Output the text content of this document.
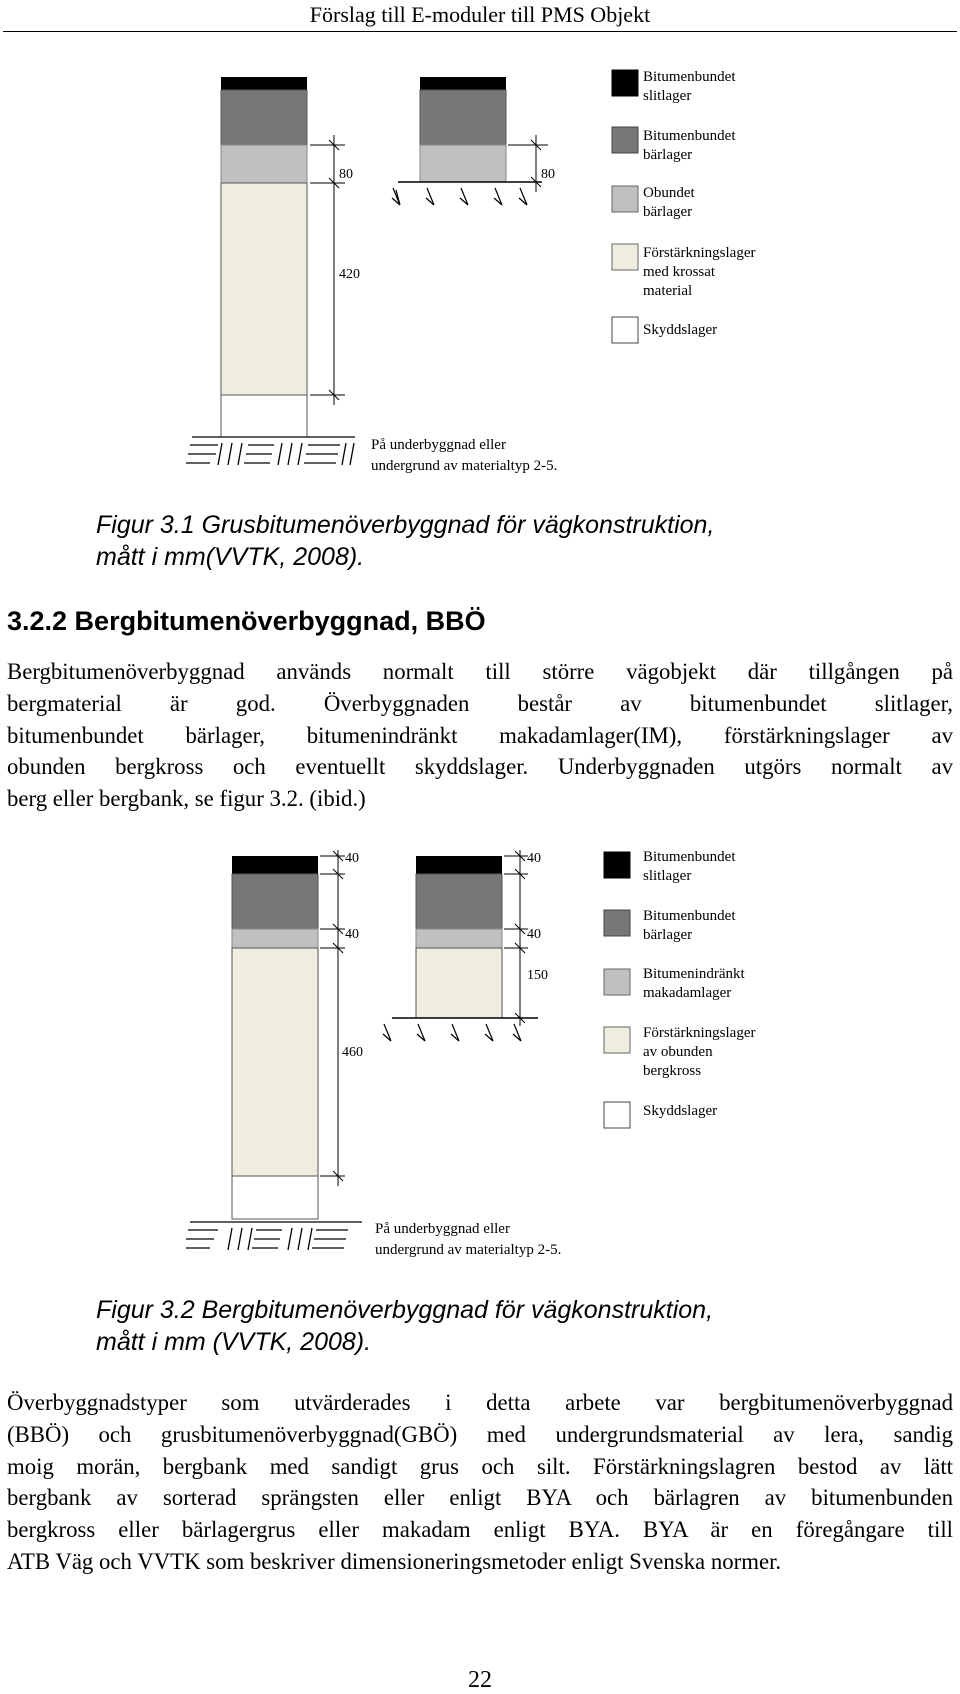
Förslag till E-moduler till PMS Objekt
80
420
80
På underbyggnad eller
undergrund av materialtyp 2-5.
Bitumenbundet
slitlager
Bitumenbundet
bärlager
Obundet
bärlager
Förstärkningslager
med krossat
material
Skyddslager
Figur 3.1 Grusbitumenöverbyggnad för vägkonstruktion,
mått i mm(VVTK, 2008).
3.2.2 Bergbitumenöverbyggnad, BBÖ
Bergbitumenöverbyggnad används normalt till större vägobjekt där tillgången på
bergmaterial är god. Överbyggnaden består av bitumenbundet slitlager,
bitumenbundet bärlager, bitumenindränkt makadamlager(IM), förstärkningslager av
obunden bergkross och eventuellt skyddslager. Underbyggnaden utgörs normalt av
berg eller bergbank, se figur 3.2. (ibid.)
40
40
460
40
40
150
På underbyggnad eller
undergrund av materialtyp 2-5.
Bitumenbundet
slitlager
Bitumenbundet
bärlager
Bitumenindränkt
makadamlager
Förstärkningslager
av obunden
bergkross
Skyddslager
Figur 3.2 Bergbitumenöverbyggnad för vägkonstruktion,
mått i mm (VVTK, 2008).
Överbyggnadstyper som utvärderades i detta arbete var bergbitumenöverbyggnad
(BBÖ) och grusbitumenöverbyggnad(GBÖ) med undergrundsmaterial av lera, sandig
moig morän, bergbank med sandigt grus och silt. Förstärkningslagren bestod av lätt
bergbank av sorterad sprängsten eller enligt BYA och bärlagren av bitumenbunden
bergkross eller bärlagergrus eller makadam enligt BYA. BYA är en föregångare till
ATB Väg och VVTK som beskriver dimensioneringsmetoder enligt Svenska normer.
22
